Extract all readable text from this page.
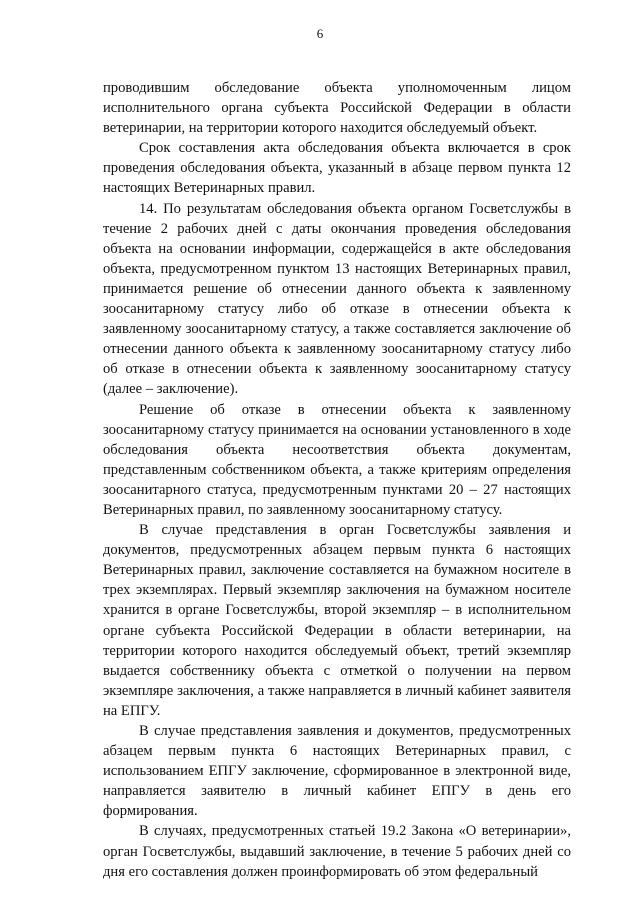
6

проводившим обследование объекта уполномоченным лицом исполнительного органа субъекта Российской Федерации в области ветеринарии, на территории которого находится обследуемый объект.

Срок составления акта обследования объекта включается в срок проведения обследования объекта, указанный в абзаце первом пункта 12 настоящих Ветеринарных правил.

14. По результатам обследования объекта органом Госветслужбы в течение 2 рабочих дней с даты окончания проведения обследования объекта на основании информации, содержащейся в акте обследования объекта, предусмотренном пунктом 13 настоящих Ветеринарных правил, принимается решение об отнесении данного объекта к заявленному зоосанитарному статусу либо об отказе в отнесении объекта к заявленному зоосанитарному статусу, а также составляется заключение об отнесении данного объекта к заявленному зоосанитарному статусу либо об отказе в отнесении объекта к заявленному зоосанитарному статусу (далее – заключение).

Решение об отказе в отнесении объекта к заявленному зоосанитарному статусу принимается на основании установленного в ходе обследования объекта несоответствия объекта документам, представленным собственником объекта, а также критериям определения зоосанитарного статуса, предусмотренным пунктами 20 – 27 настоящих Ветеринарных правил, по заявленному зоосанитарному статусу.

В случае представления в орган Госветслужбы заявления и документов, предусмотренных абзацем первым пункта 6 настоящих Ветеринарных правил, заключение составляется на бумажном носителе в трех экземплярах. Первый экземпляр заключения на бумажном носителе хранится в органе Госветслужбы, второй экземпляр – в исполнительном органе субъекта Российской Федерации в области ветеринарии, на территории которого находится обследуемый объект, третий экземпляр выдается собственнику объекта с отметкой о получении на первом экземпляре заключения, а также направляется в личный кабинет заявителя на ЕПГУ.

В случае представления заявления и документов, предусмотренных абзацем первым пункта 6 настоящих Ветеринарных правил, с использованием ЕПГУ заключение, сформированное в электронной виде, направляется заявителю в личный кабинет ЕПГУ в день его формирования.

В случаях, предусмотренных статьей 19.2 Закона «О ветеринарии», орган Госветслужбы, выдавший заключение, в течение 5 рабочих дней со дня его составления должен проинформировать об этом федеральный
